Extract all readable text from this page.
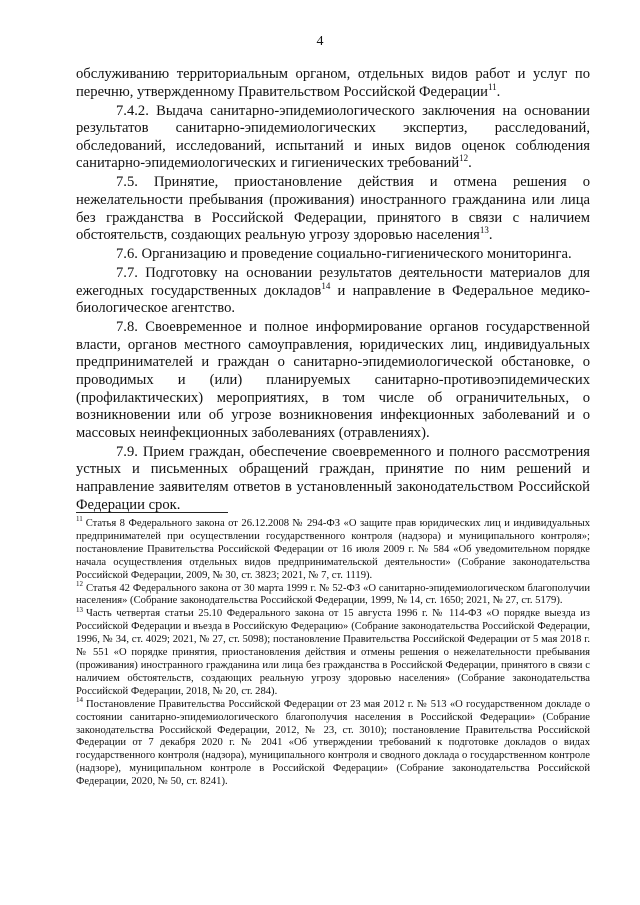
4

обслуживанию территориальным органом, отдельных видов работ и услуг по перечню, утвержденному Правительством Российской Федерации$^{11}$.

7.4.2. Выдача санитарно-эпидемиологического заключения на основании результатов санитарно-эпидемиологических экспертиз, расследований, обследований, исследований, испытаний и иных видов оценок соблюдения санитарно-эпидемиологических и гигиенических требований$^{12}$.

7.5. Принятие, приостановление действия и отмена решения о нежелательности пребывания (проживания) иностранного гражданина или лица без гражданства в Российской Федерации, принятого в связи с наличием обстоятельств, создающих реальную угрозу здоровью населения$^{13}$.

7.6. Организацию и проведение социально-гигиенического мониторинга.

7.7. Подготовку на основании результатов деятельности материалов для ежегодных государственных докладов$^{14}$ и направление в Федеральное медико-биологическое агентство.

7.8. Своевременное и полное информирование органов государственной власти, органов местного самоуправления, юридических лиц, индивидуальных предпринимателей и граждан о санитарно-эпидемиологической обстановке, о проводимых и (или) планируемых санитарно-противоэпидемических (профилактических) мероприятиях, в том числе об ограничительных, о возникновении или об угрозе возникновения инфекционных заболеваний и о массовых неинфекционных заболеваниях (отравлениях).

7.9. Прием граждан, обеспечение своевременного и полного рассмотрения устных и письменных обращений граждан, принятие по ним решений и направление заявителям ответов в установленный законодательством Российской Федерации срок.

$^{11}$ Статья 8 Федерального закона от 26.12.2008 № 294-ФЗ «О защите прав юридических лиц и индивидуальных предпринимателей при осуществлении государственного контроля (надзора) и муниципального контроля»; постановление Правительства Российской Федерации от 16 июля 2009 г. № 584 «Об уведомительном порядке начала осуществления отдельных видов предпринимательской деятельности» (Собрание законодательства Российской Федерации, 2009, № 30, ст. 3823; 2021, № 7, ст. 1119).

$^{12}$ Статья 42 Федерального закона от 30 марта 1999 г. № 52-ФЗ «О санитарно-эпидемиологическом благополучии населения» (Собрание законодательства Российской Федерации, 1999, № 14, ст. 1650; 2021, № 27, ст. 5179).

$^{13}$ Часть четвертая статьи 25.10 Федерального закона от 15 августа 1996 г. № 114-ФЗ «О порядке выезда из Российской Федерации и въезда в Российскую Федерацию» (Собрание законодательства Российской Федерации, 1996, № 34, ст. 4029; 2021, № 27, ст. 5098); постановление Правительства Российской Федерации от 5 мая 2018 г. № 551 «О порядке принятия, приостановления действия и отмены решения о нежелательности пребывания (проживания) иностранного гражданина или лица без гражданства в Российской Федерации, принятого в связи с наличием обстоятельств, создающих реальную угрозу здоровью населения» (Собрание законодательства Российской Федерации, 2018, № 20, ст. 284).

$^{14}$ Постановление Правительства Российской Федерации от 23 мая 2012 г. № 513 «О государственном докладе о состоянии санитарно-эпидемиологического благополучия населения в Российской Федерации» (Собрание законодательства Российской Федерации, 2012, № 23, ст. 3010); постановление Правительства Российской Федерации от 7 декабря 2020 г. № 2041 «Об утверждении требований к подготовке докладов о видах государственного контроля (надзора), муниципального контроля и сводного доклада о государственном контроле (надзоре), муниципальном контроле в Российской Федерации» (Собрание законодательства Российской Федерации, 2020, № 50, ст. 8241).
